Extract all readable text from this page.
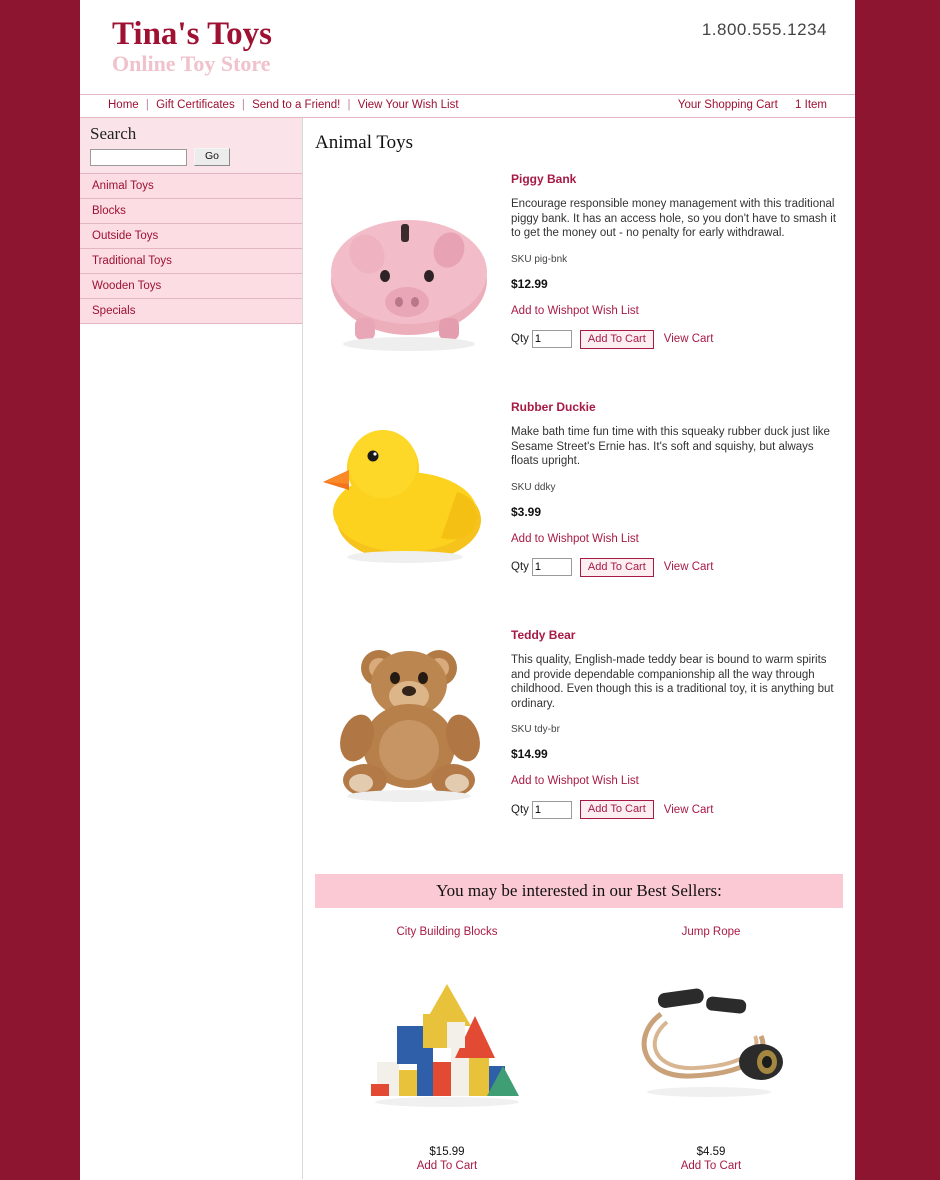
Tina's Toys
Online Toy Store
1.800.555.1234
Home | Gift Certificates | Send to a Friend! | View Your Wish List	Your Shopping Cart 1 Item
Search
Go
Animal Toys
Blocks
Outside Toys
Traditional Toys
Wooden Toys
Specials
Animal Toys
Piggy Bank
Encourage responsible money management with this traditional piggy bank. It has an access hole, so you don't have to smash it to get the money out - no penalty for early withdrawal.
SKU pig-bnk
$12.99
Add to Wishpot Wish List
Qty
1	Add To Cart	View Cart
Rubber Duckie
Make bath time fun time with this squeaky rubber duck just like Sesame Street's Ernie has. It's soft and squishy, but always floats upright.
SKU ddky
$3.99
Add to Wishpot Wish List
Qty
1	Add To Cart	View Cart
Teddy Bear
This quality, English-made teddy bear is bound to warm spirits and provide dependable companionship all the way through childhood. Even though this is a traditional toy, it is anything but ordinary.
SKU tdy-br
$14.99
Add to Wishpot Wish List
Qty
1	Add To Cart	View Cart
You may be interested in our Best Sellers:
City Building Blocks
$15.99
Add To Cart
Jump Rope
$4.59
Add To Cart
